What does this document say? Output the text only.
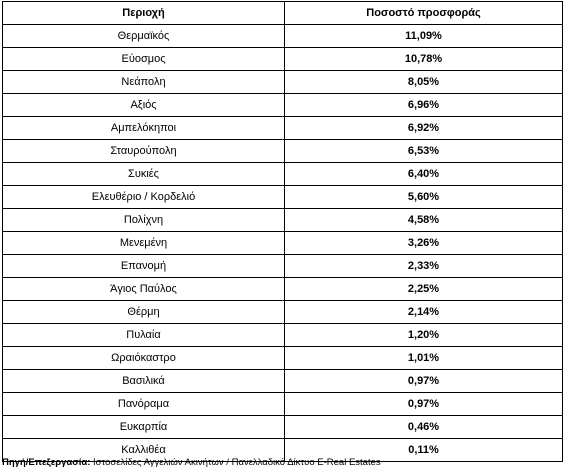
Περιοχή	Ποσοστό προσφοράς
Θερμαϊκός	11,09%
Εύοσμος	10,78%
Νεάπολη	8,05%
Αξιός	6,96%
Αμπελόκηποι	6,92%
Σταυρούπολη	6,53%
Συκιές	6,40%
Ελευθέριο / Κορδελιό	5,60%
Πολίχνη	4,58%
Μενεμένη	3,26%
Επανομή	2,33%
Άγιος Παύλος	2,25%
Θέρμη	2,14%
Πυλαία	1,20%
Ωραιόκαστρο	1,01%
Βασιλικά	0,97%
Πανόραμα	0,97%
Ευκαρπία	0,46%
Καλλιθέα	0,11%
Πηγή/Επεξεργασία: Ιστοσελίδες Αγγελιών Ακινήτων / Πανελλαδικό Δίκτυο E-Real Estates
